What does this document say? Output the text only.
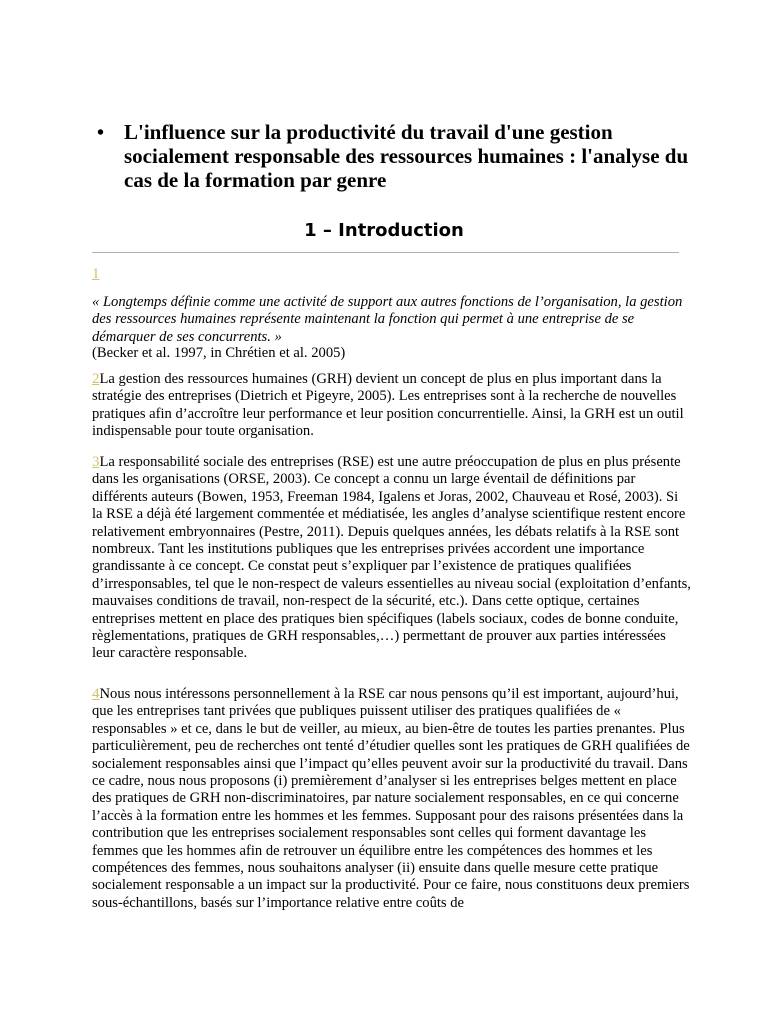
• L'influence sur la productivité du travail d'une gestion socialement responsable des ressources humaines : l'analyse du cas de la formation par genre
1 – Introduction
1
« Longtemps définie comme une activité de support aux autres fonctions de l’organisation, la gestion des ressources humaines représente maintenant la fonction qui permet à une entreprise de se démarquer de ses concurrents. »
(Becker et al. 1997, in Chrétien et al. 2005)

2La gestion des ressources humaines (GRH) devient un concept de plus en plus important dans la stratégie des entreprises (Dietrich et Pigeyre, 2005). Les entreprises sont à la recherche de nouvelles pratiques afin d’accroître leur performance et leur position concurrentielle. Ainsi, la GRH est un outil indispensable pour toute organisation.

3La responsabilité sociale des entreprises (RSE) est une autre préoccupation de plus en plus présente dans les organisations (ORSE, 2003). Ce concept a connu un large éventail de définitions par différents auteurs (Bowen, 1953, Freeman 1984, Igalens et Joras, 2002, Chauveau et Rosé, 2003). Si la RSE a déjà été largement commentée et médiatisée, les angles d’analyse scientifique restent encore relativement embryonnaires (Pestre, 2011). Depuis quelques années, les débats relatifs à la RSE sont nombreux. Tant les institutions publiques que les entreprises privées accordent une importance grandissante à ce concept. Ce constat peut s’expliquer par l’existence de pratiques qualifiées d’irresponsables, tel que le non-respect de valeurs essentielles au niveau social (exploitation d’enfants, mauvaises conditions de travail, non-respect de la sécurité, etc.). Dans cette optique, certaines entreprises mettent en place des pratiques bien spécifiques (labels sociaux, codes de bonne conduite, règlementations, pratiques de GRH responsables,…) permettant de prouver aux parties intéressées leur caractère responsable.

4Nous nous intéressons personnellement à la RSE car nous pensons qu’il est important, aujourd’hui, que les entreprises tant privées que publiques puissent utiliser des pratiques qualifiées de « responsables » et ce, dans le but de veiller, au mieux, au bien-être de toutes les parties prenantes. Plus particulièrement, peu de recherches ont tenté d’étudier quelles sont les pratiques de GRH qualifiées de socialement responsables ainsi que l’impact qu’elles peuvent avoir sur la productivité du travail. Dans ce cadre, nous nous proposons (i) premièrement d’analyser si les entreprises belges mettent en place des pratiques de GRH non-discriminatoires, par nature socialement responsables, en ce qui concerne l’accès à la formation entre les hommes et les femmes. Supposant pour des raisons présentées dans la contribution que les entreprises socialement responsables sont celles qui forment davantage les femmes que les hommes afin de retrouver un équilibre entre les compétences des hommes et les compétences des femmes, nous souhaitons analyser (ii) ensuite dans quelle mesure cette pratique socialement responsable a un impact sur la productivité. Pour ce faire, nous constituons deux premiers sous-échantillons, basés sur l’importance relative entre coûts de
